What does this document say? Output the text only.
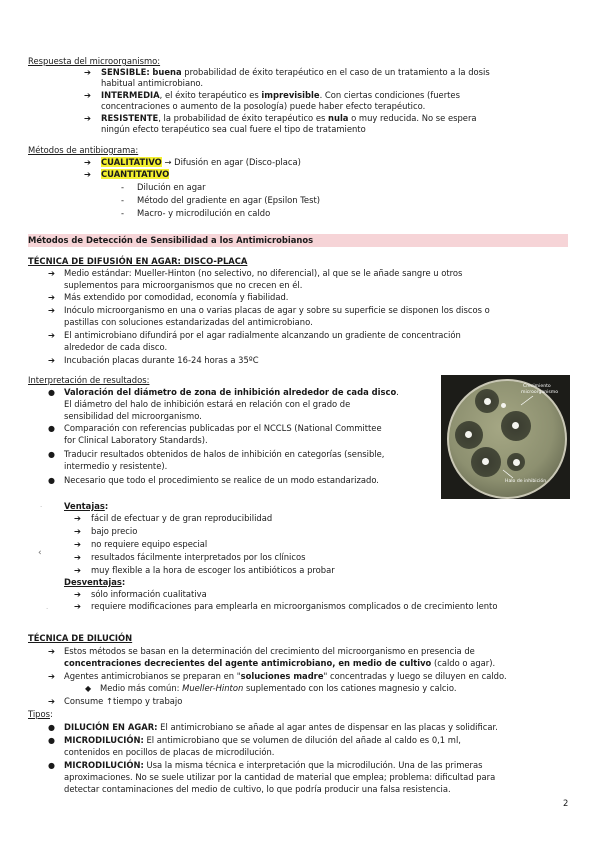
Respuesta del microorganismo:
➔ SENSIBLE: buena probabilidad de éxito terapéutico en el caso de un tratamiento a la dosis
habitual antimicrobiano.
➔ INTERMEDIA, el éxito terapéutico es imprevisible. Con ciertas condiciones (fuertes
concentraciones o aumento de la posología) puede haber efecto terapéutico.
➔ RESISTENTE, la probabilidad de éxito terapéutico es nula o muy reducida. No se espera
ningún efecto terapéutico sea cual fuere el tipo de tratamiento
Métodos de antibiograma:
➔ CUALITATIVO → Difusión en agar (Disco-placa)
➔ CUANTITATIVO
- Dilución en agar
- Método del gradiente en agar (Epsilon Test)
- Macro- y microdilución en caldo
Métodos de Detección de Sensibilidad a los Antimicrobianos
TÉCNICA DE DIFUSIÓN EN AGAR: DISCO-PLACA
➔ Medio estándar: Mueller-Hinton (no selectivo, no diferencial), al que se le añade sangre u otros
suplementos para microorganismos que no crecen en él.
➔ Más extendido por comodidad, economía y fiabilidad.
➔ Inóculo microorganismo en una o varias placas de agar y sobre su superficie se disponen los discos o
pastillas con soluciones estandarizadas del antimicrobiano.
➔ El antimicrobiano difundirá por el agar radialmente alcanzando un gradiente de concentración
alrededor de cada disco.
➔ Incubación placas durante 16-24 horas a 35ºC
Interpretación de resultados:
● Valoración del diámetro de zona de inhibición alrededor de cada disco.
El diámetro del halo de inhibición estará en relación con el grado de
sensibilidad del microorganismo.
● Comparación con referencias publicadas por el NCCLS (National Committee
for Clinical Laboratory Standards).
● Traducir resultados obtenidos de halos de inhibición en categorías (sensible,
intermedio y resistente).
● Necesario que todo el procedimiento se realice de un modo estandarizado.
Crecimiento
microorganismo
Halo de inhibición
·
‹
·
Ventajas:
➔ fácil de efectuar y de gran reproducibilidad
➔ bajo precio
➔ no requiere equipo especial
➔ resultados fácilmente interpretados por los clínicos
➔ muy flexible a la hora de escoger los antibióticos a probar
Desventajas:
➔ sólo información cualitativa
➔ requiere modificaciones para emplearla en microorganismos complicados o de crecimiento lento
TÉCNICA DE DILUCIÓN
➔ Estos métodos se basan en la determinación del crecimiento del microorganismo en presencia de
concentraciones decrecientes del agente antimicrobiano, en medio de cultivo (caldo o agar).
➔ Agentes antimicrobianos se preparan en "soluciones madre" concentradas y luego se diluyen en caldo.
◆ Medio más común: Mueller-Hinton suplementado con los cationes magnesio y calcio.
➔ Consume ↑tiempo y trabajo
Tipos:
● DILUCIÓN EN AGAR: El antimicrobiano se añade al agar antes de dispensar en las placas y solidificar.
● MICRODILUCIÓN: El antimicrobiano que se volumen de dilución del añade al caldo es 0,1 ml,
contenidos en pocillos de placas de microdilución.
● MICRODILUCIÓN: Usa la misma técnica e interpretación que la microdilución. Una de las primeras
aproximaciones. No se suele utilizar por la cantidad de material que emplea; problema: dificultad para
detectar contaminaciones del medio de cultivo, lo que podría producir una falsa resistencia.
2
